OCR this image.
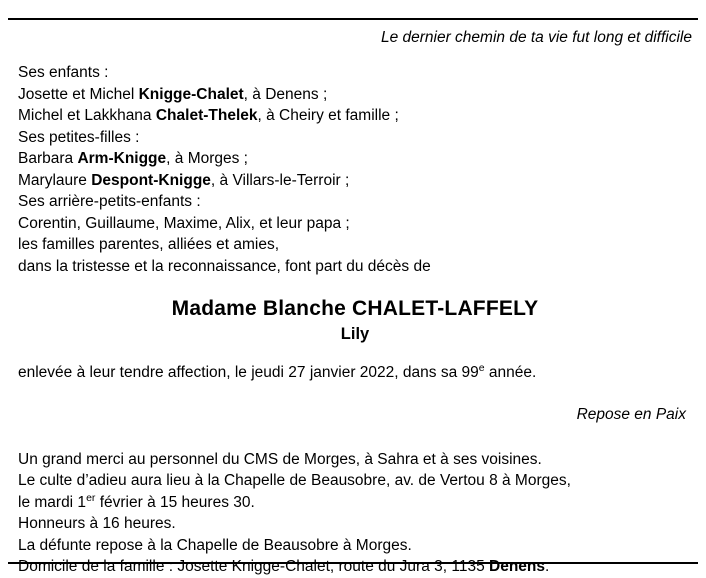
Le dernier chemin de ta vie fut long et difficile
Ses enfants :
Josette et Michel Knigge-Chalet, à Denens ;
Michel et Lakkhana Chalet-Thelek, à Cheiry et famille ;
Ses petites-filles :
Barbara Arm-Knigge, à Morges ;
Marylaure Despont-Knigge, à Villars-le-Terroir ;
Ses arrière-petits-enfants :
Corentin, Guillaume, Maxime, Alix, et leur papa ;
les familles parentes, alliées et amies,
dans la tristesse et la reconnaissance, font part du décès de
Madame Blanche CHALET-LAFFELY
Lily
enlevée à leur tendre affection, le jeudi 27 janvier 2022, dans sa 99e année.
Repose en Paix
Un grand merci au personnel du CMS de Morges, à Sahra et à ses voisines.
Le culte d’adieu aura lieu à la Chapelle de Beausobre, av. de Vertou 8 à Morges,
le mardi 1er février à 15 heures 30.
Honneurs à 16 heures.
La défunte repose à la Chapelle de Beausobre à Morges.
Domicile de la famille : Josette Knigge-Chalet, route du Jura 3, 1135 Denens.
